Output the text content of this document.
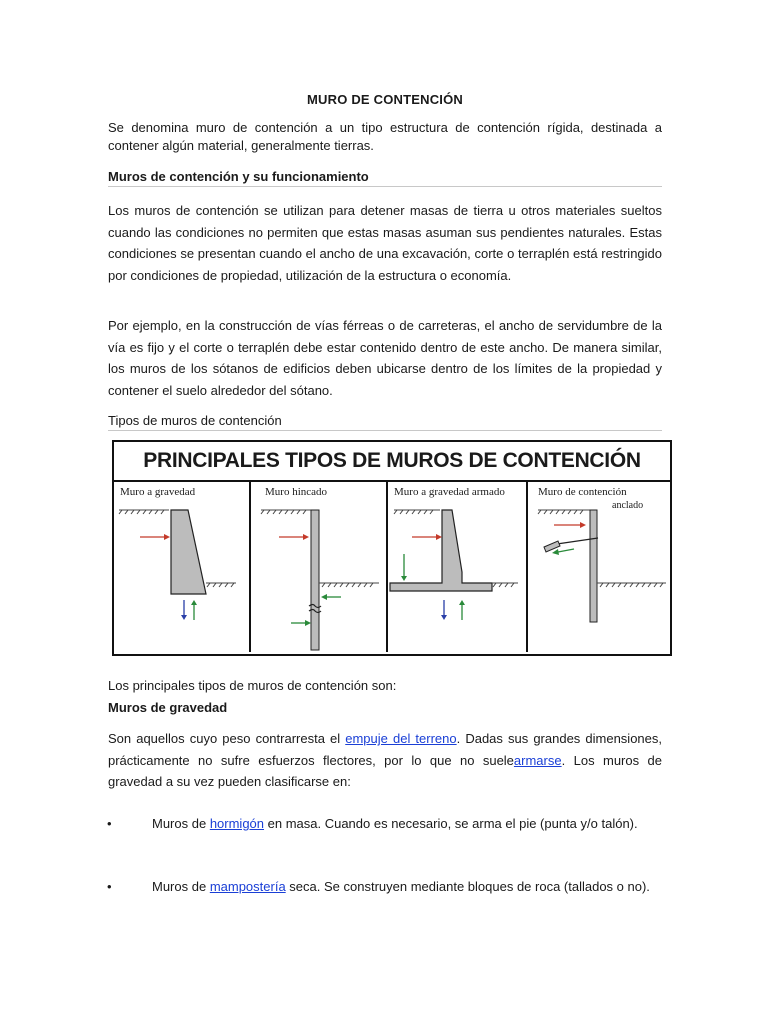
MURO DE CONTENCIÓN

Se denomina muro de contención a un tipo estructura de contención rígida, destinada a contener algún material, generalmente tierras.

Muros de contención y su funcionamiento

Los muros de contención se utilizan para detener masas de tierra u otros materiales sueltos cuando las condiciones no permiten que estas masas asuman sus pendientes naturales. Estas condiciones se presentan cuando el ancho de una excavación, corte o terraplén está restringido por condiciones de propiedad, utilización de la estructura o economía.

Por ejemplo, en la construcción de vías férreas o de carreteras, el ancho de servidumbre de la vía es fijo y el corte o terraplén debe estar contenido dentro de este ancho. De manera similar, los muros de los sótanos de edificios deben ubicarse dentro de los límites de la propiedad y contener el suelo alrededor del sótano.

Tipos de muros de contención
Los principales tipos de muros de contención son:
Muros de gravedad

Son aquellos cuyo peso contrarresta el empuje del terreno. Dadas sus grandes dimensiones, prácticamente no sufre esfuerzos flectores, por lo que no suelearmarse. Los muros de gravedad a su vez pueden clasificarse en:

•	Muros de hormigón en masa. Cuando es necesario, se arma el pie (punta y/o talón).
•	Muros de mampostería seca. Se construyen mediante bloques de roca (tallados o no).
PRINCIPALES TIPOS DE MUROS DE CONTENCIÓN
Muro a gravedad	Muro hincado	Muro a gravedad armado	Muro de contención
anclado
